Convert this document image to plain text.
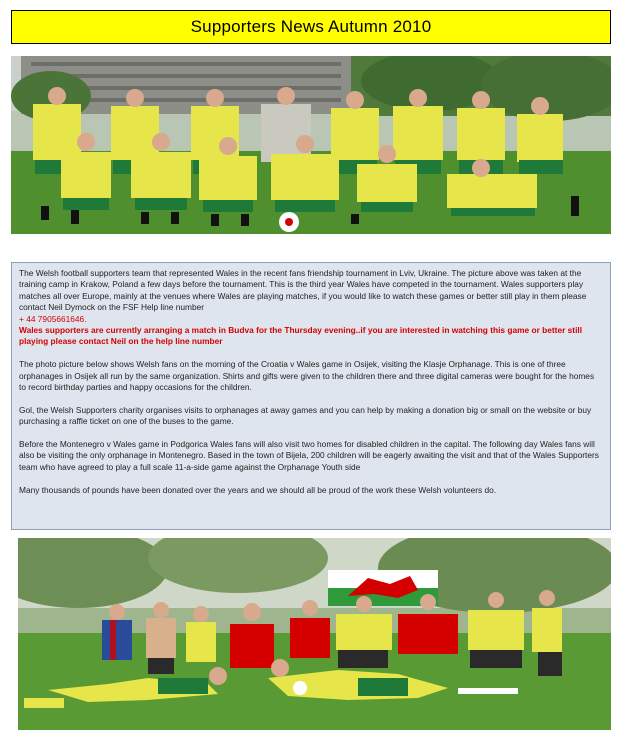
Supporters News Autumn 2010

The Welsh football supporters team that represented Wales in the recent fans friendship tournament in Lviv, Ukraine. The picture above was taken at the training camp in Krakow, Poland a few days before the tournament. This is the third year Wales have competed in the tournament. Wales supporters play matches all over Europe, mainly at the venues where Wales are playing matches, if you would like to watch these games or better still play in them please contact Neil Dymock on the FSF Help line number
+ 44 7905661646.

Wales supporters are currently arranging a match in Budva for the Thursday evening..if you are interested in watching this game or better still playing please contact Neil on the help line number

The photo picture below shows Welsh fans on the morning of the Croatia v Wales game in Osijek, visiting the Klasje Orphanage. This is one of three orphanages in Osijek all run by the same organization. Shirts and gifts were given to the children there and three digital cameras were bought for the homes to record birthday parties and happy occasions for the children.

Gol, the Welsh Supporters charity organises visits to orphanages at away games and you can help by making a donation big or small on the website or buy purchasing a raffle ticket on one of the buses to the game.

Before the Montenegro v Wales game in Podgorica Wales fans will also visit two homes for disabled children in the capital. The following day Wales fans will also be visiting the only orphanage in Montenegro. Based in the town of Bijela, 200 children will be eagerly awaiting the visit and that of the Wales Supporters team who have agreed to play a full scale 11-a-side game against the Orphanage Youth side

Many thousands of pounds have been donated over the years and we should all be proud of the work these Welsh volunteers do.
